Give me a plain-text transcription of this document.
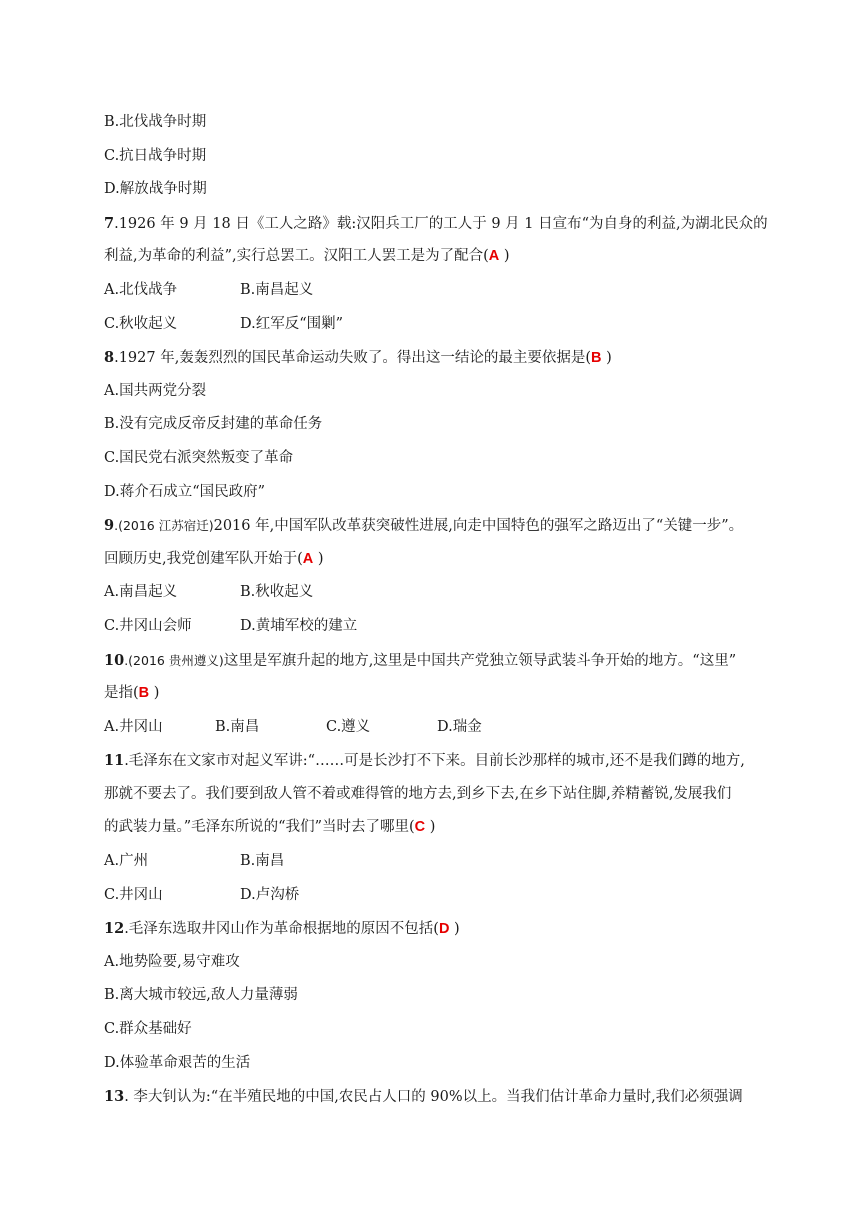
B.北伐战争时期
C.抗日战争时期
D.解放战争时期
7.1926 年 9 月 18 日《工人之路》载:汉阳兵工厂的工人于 9 月 1 日宣布“为自身的利益,为湖北民众的
利益,为革命的利益”,实行总罢工。汉阳工人罢工是为了配合(A )
A.北伐战争	B.南昌起义
C.秋收起义	D.红军反“围剿”
8.1927 年,轰轰烈烈的国民革命运动失败了。得出这一结论的最主要依据是(B )
A.国共两党分裂
B.没有完成反帝反封建的革命任务
C.国民党右派突然叛变了革命
D.蒋介石成立“国民政府”
9.(2016 江苏宿迁)2016 年,中国军队改革获突破性进展,向走中国特色的强军之路迈出了“关键一步”。
回顾历史,我党创建军队开始于(A )
A.南昌起义	B.秋收起义
C.井冈山会师	D.黄埔军校的建立
10.(2016 贵州遵义)这里是军旗升起的地方,这里是中国共产党独立领导武装斗争开始的地方。“这里”
是指(B )
A.井冈山	B.南昌	C.遵义	D.瑞金
11.毛泽东在文家市对起义军讲:“……可是长沙打不下来。目前长沙那样的城市,还不是我们蹲的地方,
那就不要去了。我们要到敌人管不着或难得管的地方去,到乡下去,在乡下站住脚,养精蓄锐,发展我们
的武装力量。”毛泽东所说的“我们”当时去了哪里(C )
A.广州	B.南昌
C.井冈山	D.卢沟桥
12.毛泽东选取井冈山作为革命根据地的原因不包括(D )
A.地势险要,易守难攻
B.离大城市较远,敌人力量薄弱
C.群众基础好
D.体验革命艰苦的生活
13. 李大钊认为:“在半殖民地的中国,农民占人口的 90%以上。当我们估计革命力量时,我们必须强调
